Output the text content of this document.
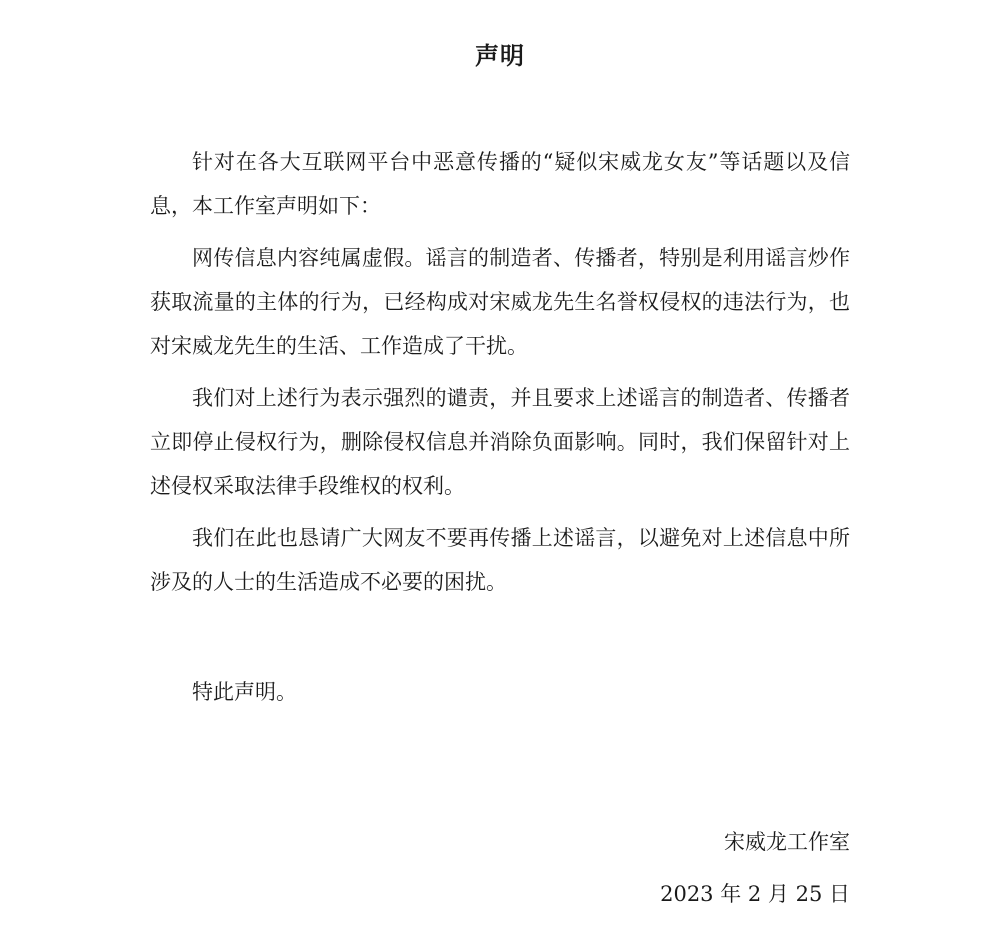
声明

针对在各大互联网平台中恶意传播的“疑似宋威龙女友”等话题以及信息，本工作室声明如下：

网传信息内容纯属虚假。谣言的制造者、传播者，特别是利用谣言炒作获取流量的主体的行为，已经构成对宋威龙先生名誉权侵权的违法行为，也对宋威龙先生的生活、工作造成了干扰。

我们对上述行为表示强烈的谴责，并且要求上述谣言的制造者、传播者立即停止侵权行为，删除侵权信息并消除负面影响。同时，我们保留针对上述侵权采取法律手段维权的权利。

我们在此也恳请广大网友不要再传播上述谣言，以避免对上述信息中所涉及的人士的生活造成不必要的困扰。

特此声明。

宋威龙工作室
2023 年 2 月 25 日
